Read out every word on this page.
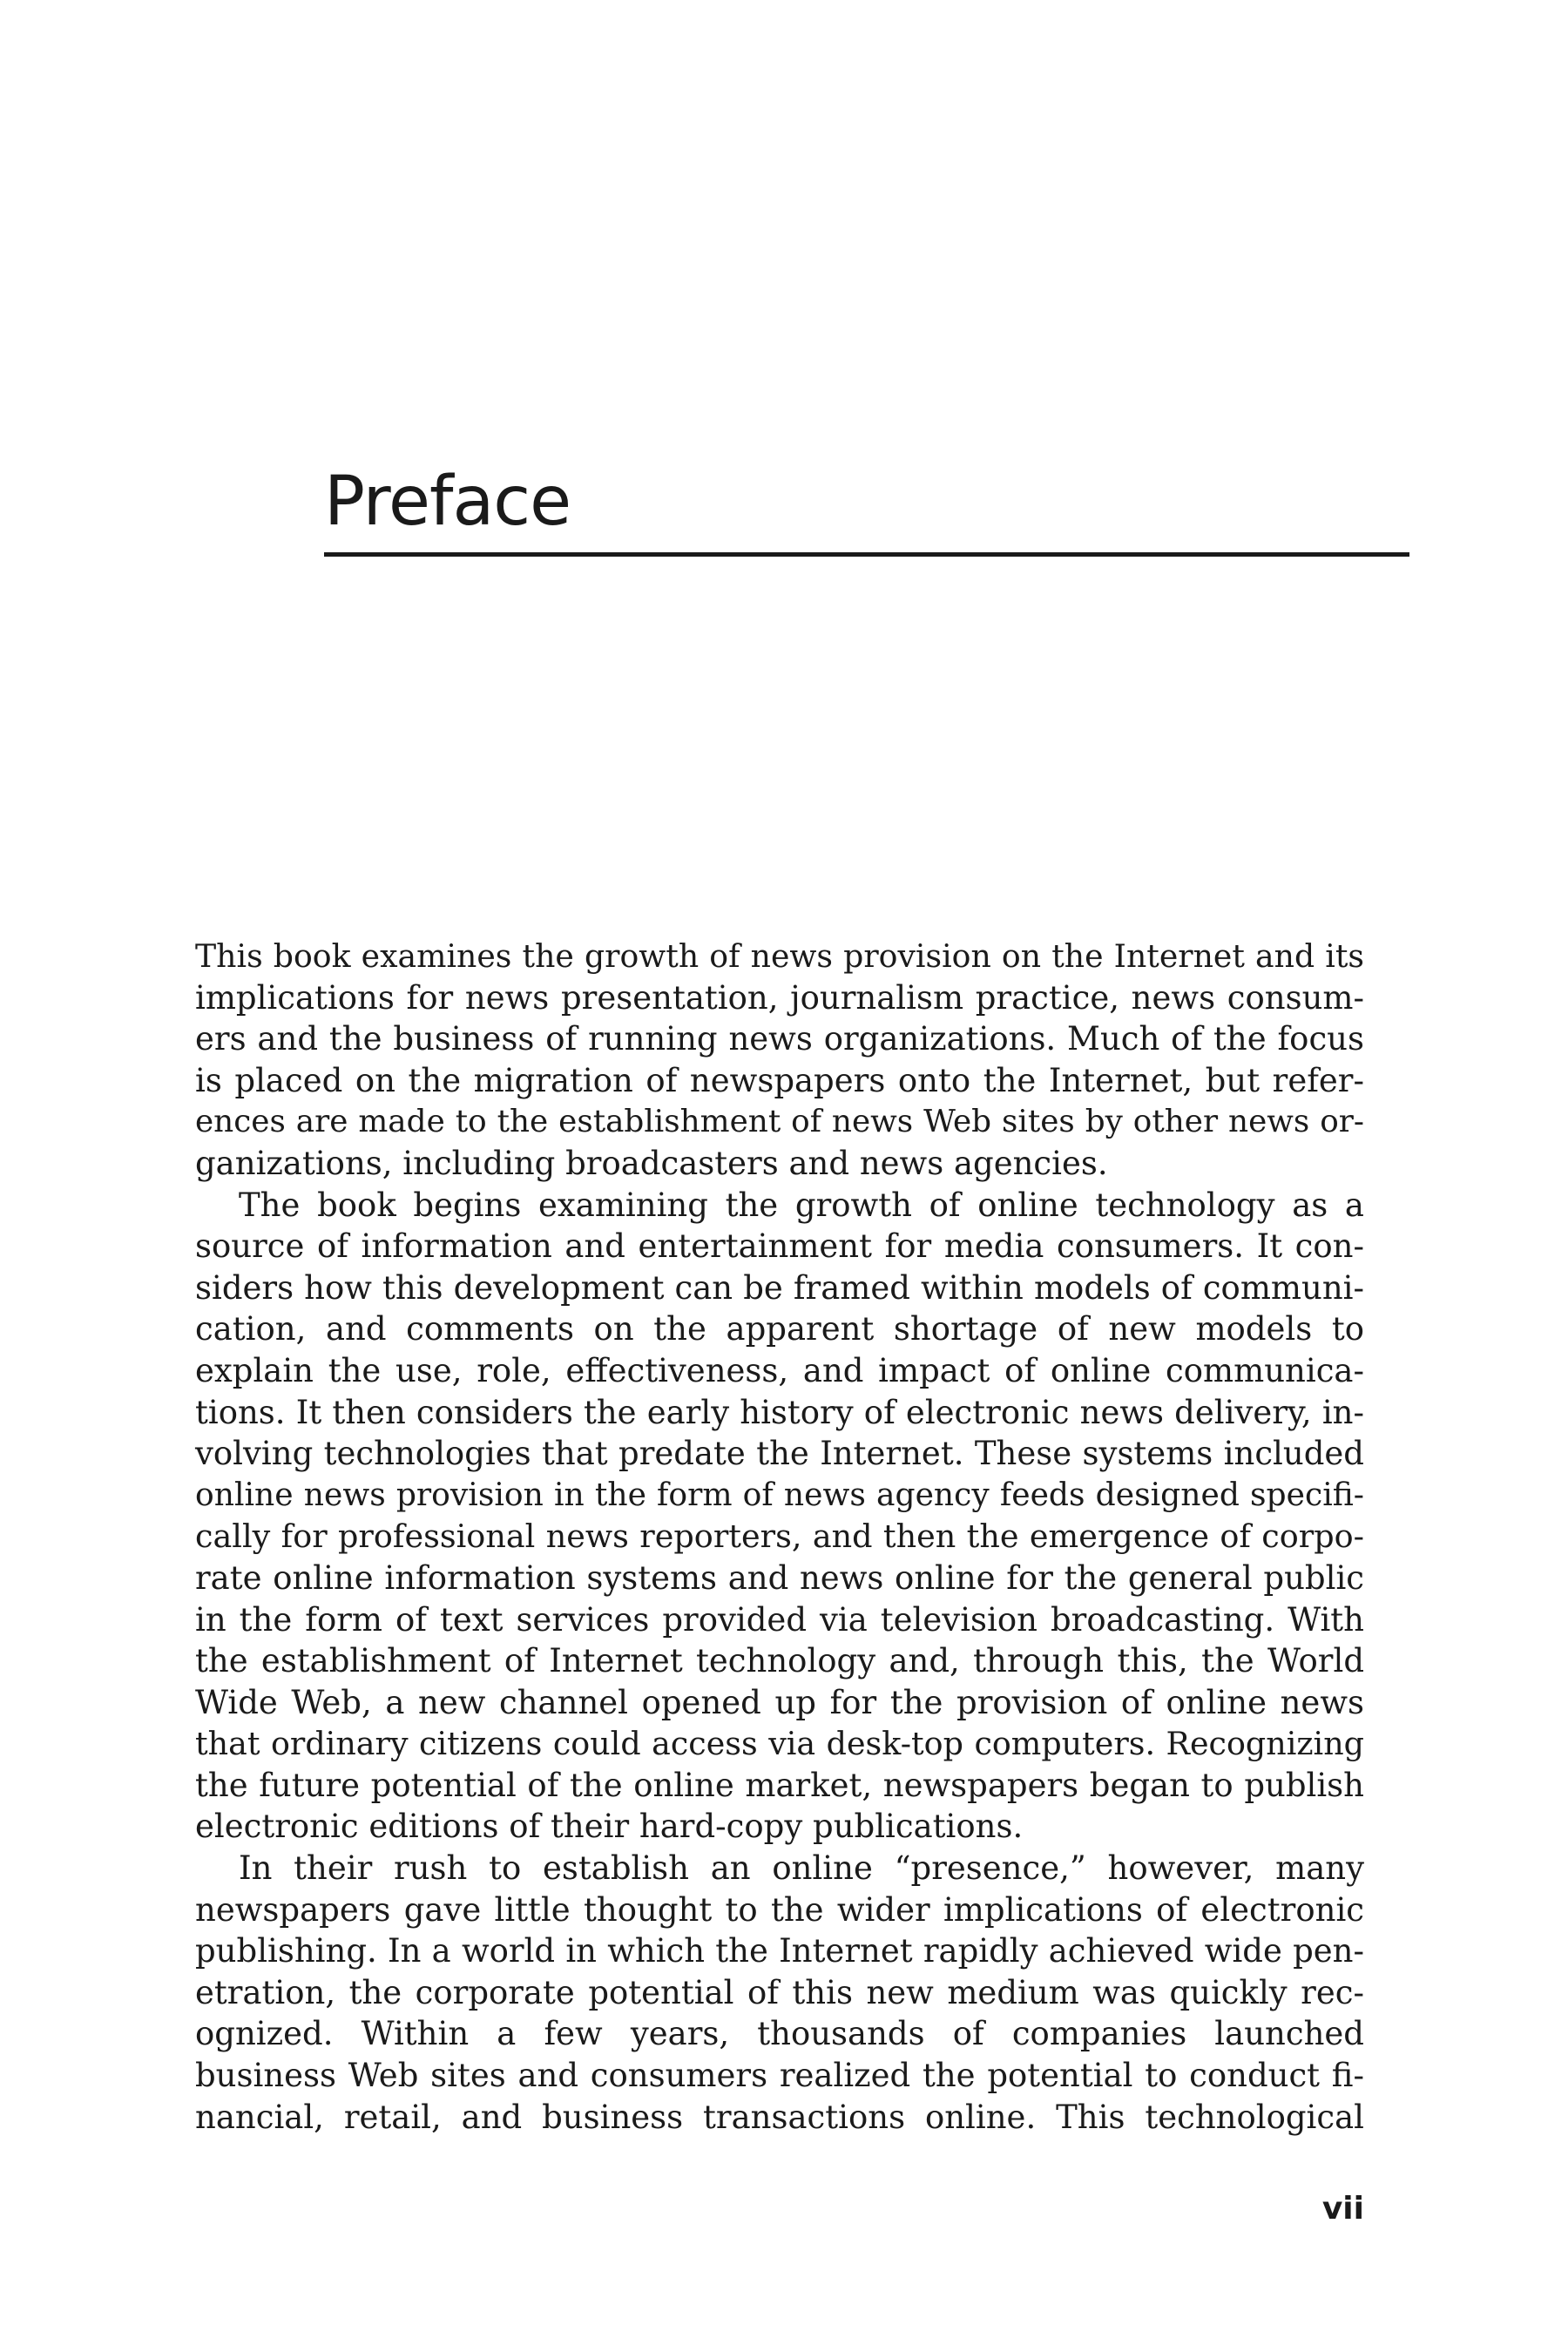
Preface
This book examines the growth of news provision on the Internet and its
implications for news presentation, journalism practice, news consum-
ers and the business of running news organizations. Much of the focus
is placed on the migration of newspapers onto the Internet, but refer-
ences are made to the establishment of news Web sites by other news or-
ganizations, including broadcasters and news agencies.
The book begins examining the growth of online technology as a
source of information and entertainment for media consumers. It con-
siders how this development can be framed within models of communi-
cation, and comments on the apparent shortage of new models to
explain the use, role, effectiveness, and impact of online communica-
tions. It then considers the early history of electronic news delivery, in-
volving technologies that predate the Internet. These systems included
online news provision in the form of news agency feeds designed specifi-
cally for professional news reporters, and then the emergence of corpo-
rate online information systems and news online for the general public
in the form of text services provided via television broadcasting. With
the establishment of Internet technology and, through this, the World
Wide Web, a new channel opened up for the provision of online news
that ordinary citizens could access via desk-top computers. Recognizing
the future potential of the online market, newspapers began to publish
electronic editions of their hard-copy publications.
In their rush to establish an online “presence,” however, many
newspapers gave little thought to the wider implications of electronic
publishing. In a world in which the Internet rapidly achieved wide pen-
etration, the corporate potential of this new medium was quickly rec-
ognized. Within a few years, thousands of companies launched
business Web sites and consumers realized the potential to conduct fi-
nancial, retail, and business transactions online. This technological
vii
